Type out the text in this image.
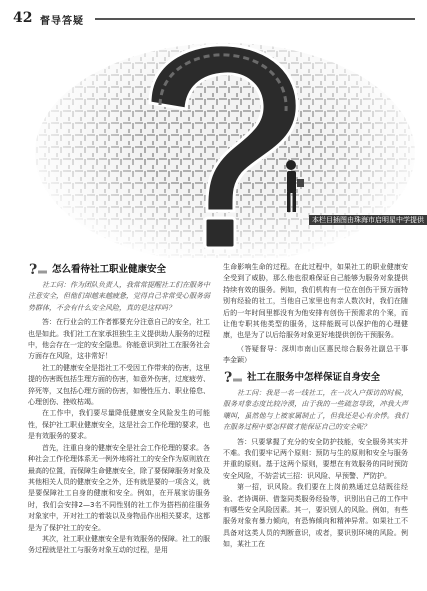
42 督导答疑
本栏目插图由珠海市启明星中学提供
? 怎么看待社工职业健康安全

社工问：作为团队负责人，我常常提醒社工们在服务中注意安全，但他们却越来越疲惫，觉得自己非常受心服务弱势群体，不会有什么安全风险，真的是这样吗？

答：在行业会的工作者都要充分注意自己的安全，社工也是如此。我们社工在家承担独生主义提供助人服务的过程中，他会存在一定的安全隐患。你能意识到社工在服务社会方面存在风险，这非常好！

社工的健康安全是指社工不受因工作带来的伤害，这里提的伤害既包括生理方面的伤害，如意外伤害，过度疲劳、猝死等，又包括心理方面的伤害，如慢性压力、职业倦怠、心理创伤、挫败枯竭。

在工作中，我们要尽量降低健康安全风险发生的可能性，保护社工职业健康安全，这是社会工作伦理的要求，也是有效服务的要求。

首先，注重自身的健康安全是社会工作伦理的要求。各种社会工作伦理体系无一例外地将社工的安全作为原则放在最高的位置，而保障生命健康安全，除了要保障服务对象及其他相关人员的健康安全之外，还有就是要的一项含义，就是要保障社工自身的健康和安全。例如，在开展家访服务时，我们会安排2—3名不同性别的社工作为搭档前往服务对象家中，开对社工的着装以及身物品作出相关要求，这都是为了保护社工的安全。

其次，社工职业健康安全是有效服务的保障。社工的服务过程就是社工与服务对象互动的过程，是用

生命影响生命的过程。在此过程中，如果社工的职业健康安全受到了威胁，那么他也很难保证自己能够为服务对象提供持续有效的服务。例如，我们机构有一位在创伤干预方面特别有经验的社工，当他自己家里也有亲人数次时，我们在随后的一年时间里都没有为他安排有创伤干预需求的个案，而让他专职其他类型的服务，这样能既可以保护他的心理健康，也是为了以后给服务对象更好地提供创伤干预服务。

（答疑督导：深圳市南山区惠民综合服务社副总干事　李金颖）

? 社工在服务中怎样保证自身安全

社工问：我是一名一线社工，在一次入户探访的时候，服务对象态度比较冷漠，由于我的一些疏忽导致，冲我大声嚷叫，虽然他与上被家属制止了，但我还是心有余悸。我们在服务过程中要怎样做才能保证自己的安全呢？

答：只要掌握了充分的安全防护技能，安全服务其实并不难。我们要牢记两个原则：预防与生的原则和安全与服务并重的原则。基于这两个原则，要想在有效服务的同时预防安全风险，不妨尝试三招：识风险、早预警、严防护。

第一招，识风险。我们要在上岗前熟通过总结既往经验、老协调研、借鉴同类服务经验等，识别出自己的工作中有哪些安全风险因素。其一，要识别人的风险。例如，有些服务对象有暴力倾向，有恐怖倾向和精神异常。如果社工不具备对这类人员的判断意识，或者，要识别环境的风险。例如，某社工在
